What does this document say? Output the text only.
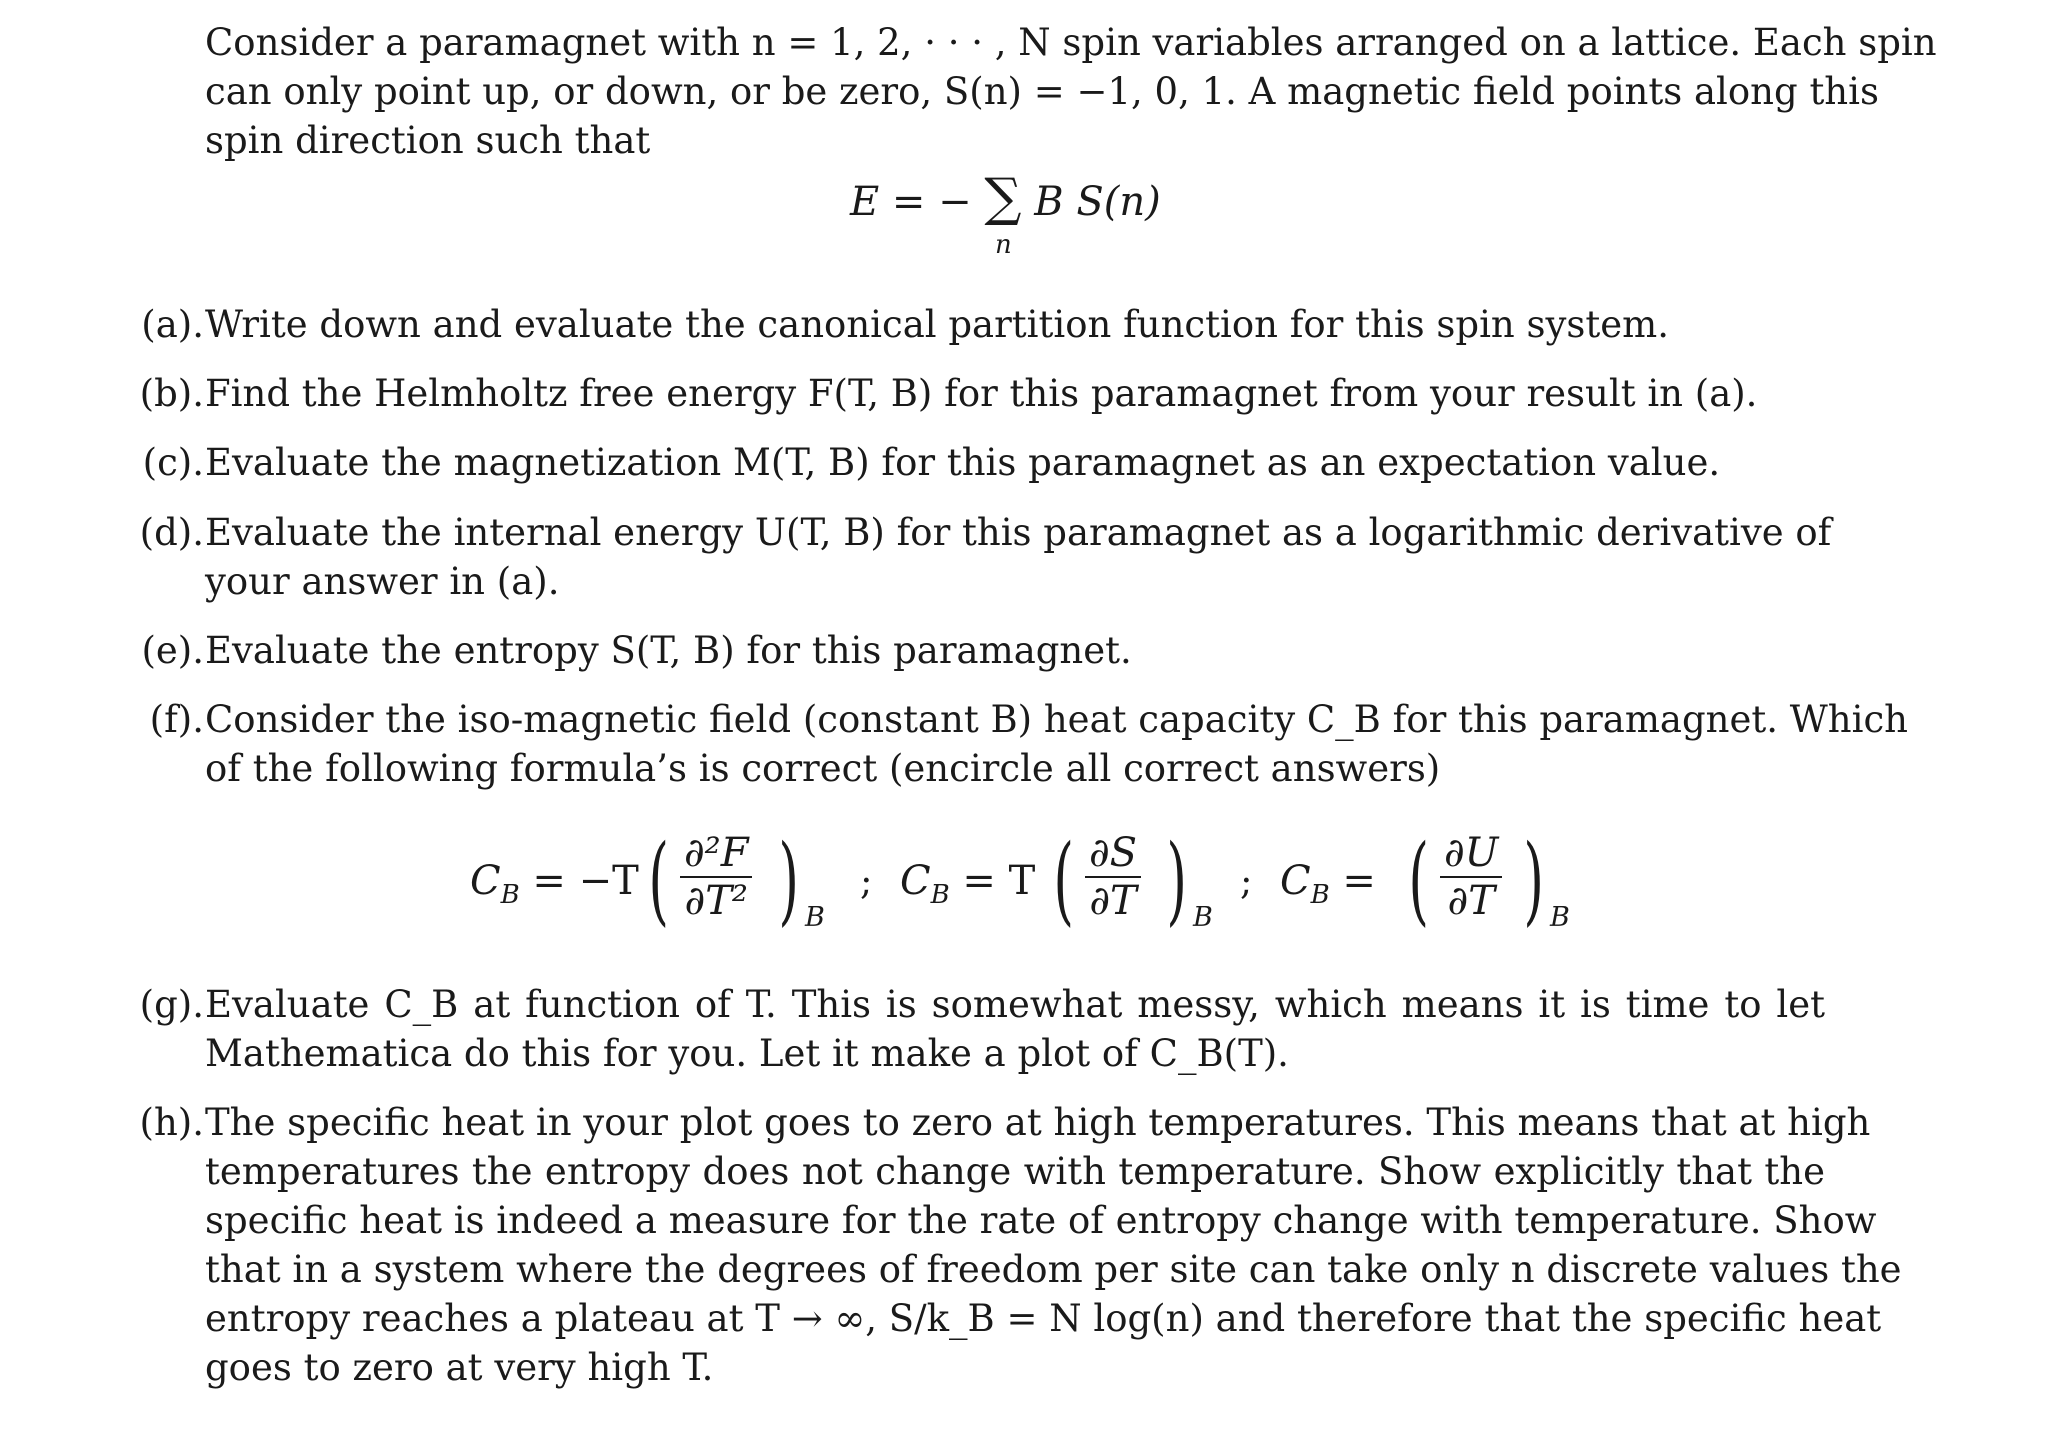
Consider a paramagnet with n = 1, 2, · · · , N spin variables arranged on a lattice. Each spin
can only point up, or down, or be zero, S(n) = −1, 0, 1. A magnetic field points along this
spin direction such that
E = − ∑ B S(n)
n
(a). Write down and evaluate the canonical partition function for this spin system.
(b). Find the Helmholtz free energy F(T, B) for this paramagnet from your result in (a).
(c). Evaluate the magnetization M(T, B) for this paramagnet as an expectation value.
(d). Evaluate the internal energy U(T, B) for this paramagnet as a logarithmic derivative of
your answer in (a).
(e). Evaluate the entropy S(T, B) for this paramagnet.
(f). Consider the iso-magnetic field (constant B) heat capacity C_B for this paramagnet. Which
of the following formula’s is correct (encircle all correct answers)
$C_B = -T$ ( $\frac{\text{∂²F}}{\text{∂T²}}$ ) B
; $C_B = T$ ( $\frac{\partial S}{\partial T}$ ) B
; $C_B$ = ( $\frac{\partial U}{\partial T}$ ) B
(g). Evaluate C_B at function of T. This is somewhat messy, which means it is time to let
Mathematica do this for you. Let it make a plot of C_B(T).
(h). The specific heat in your plot goes to zero at high temperatures. This means that at high
temperatures the entropy does not change with temperature. Show explicitly that the
specific heat is indeed a measure for the rate of entropy change with temperature. Show
that in a system where the degrees of freedom per site can take only n discrete values the
entropy reaches a plateau at T → ∞, S/k_B = N log(n) and therefore that the specific heat
goes to zero at very high T.
